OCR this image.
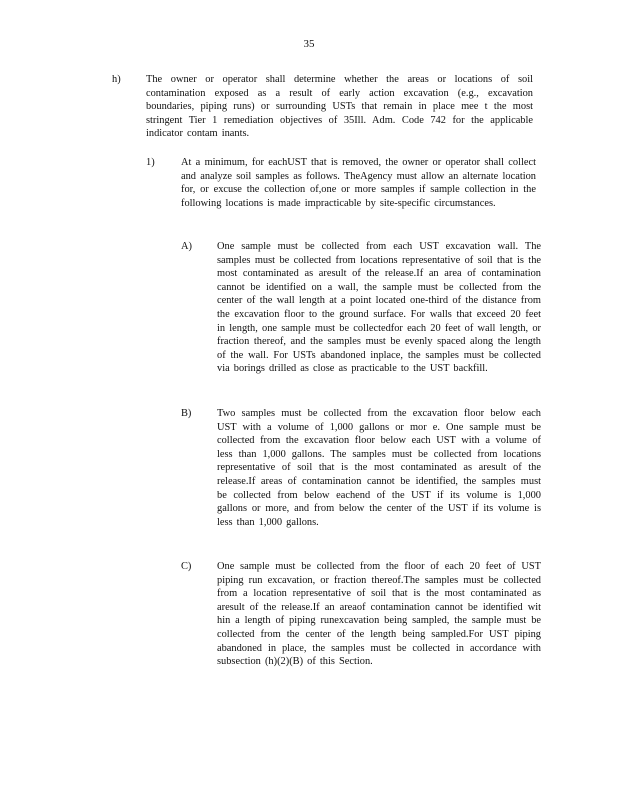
35
h) The owner or operator shall determine whether the areas or locations of soil contamination exposed as a result of early action excavation (e.g., excavation boundaries, piping runs) or surrounding USTs that remain in place mee t the most stringent Tier 1 remediation objectives of 35Ill. Adm. Code 742 for the applicable indicator contam inants.
1)	At a minimum, for eachUST that is removed, the owner or operator shall collect and analyze soil samples as follows. TheAgency must allow an alternate location for, or excuse the collection of,one or more samples if sample collection in the following locations is made impracticable by site-specific circumstances.
A) One sample must be collected from each UST excavation wall. The samples must be collected from locations representative of soil that is the most contaminated as aresult of the release.If an area of contamination cannot be identified on a wall, the sample must be collected from the center of the wall length at a point located one-third of the distance from the excavation floor to the ground surface. For walls that exceed 20 feet in length, one sample must be collectedfor each 20 feet of wall length, or fraction thereof, and the samples must be evenly spaced along the length of the wall. For USTs abandoned inplace, the samples must be collected via borings drilled as close as practicable to the UST backfill.
B) Two samples must be collected from the excavation floor below each UST with a volume of 1,000 gallons or mor e. One sample must be collected from the excavation floor below each UST with a volume of less than 1,000 gallons. The samples must be collected from locations representative of soil that is the most contaminated as aresult of the release.If areas of contamination cannot be identified, the samples must be collected from below eachend of the UST if its volume is 1,000 gallons or more, and from below the center of the UST if its volume is less than 1,000 gallons.
C) One sample must be collected from the floor of each 20 feet of UST piping run excavation, or fraction thereof.The samples must be collected from a location representative of soil that is the most contaminated as aresult of the release.If an areaof contamination cannot be identified wit hin a length of piping runexcavation being sampled, the sample must be collected from the center of the length being sampled.For UST piping abandoned in place, the samples must be collected in accordance with subsection (h)(2)(B) of this Section.
